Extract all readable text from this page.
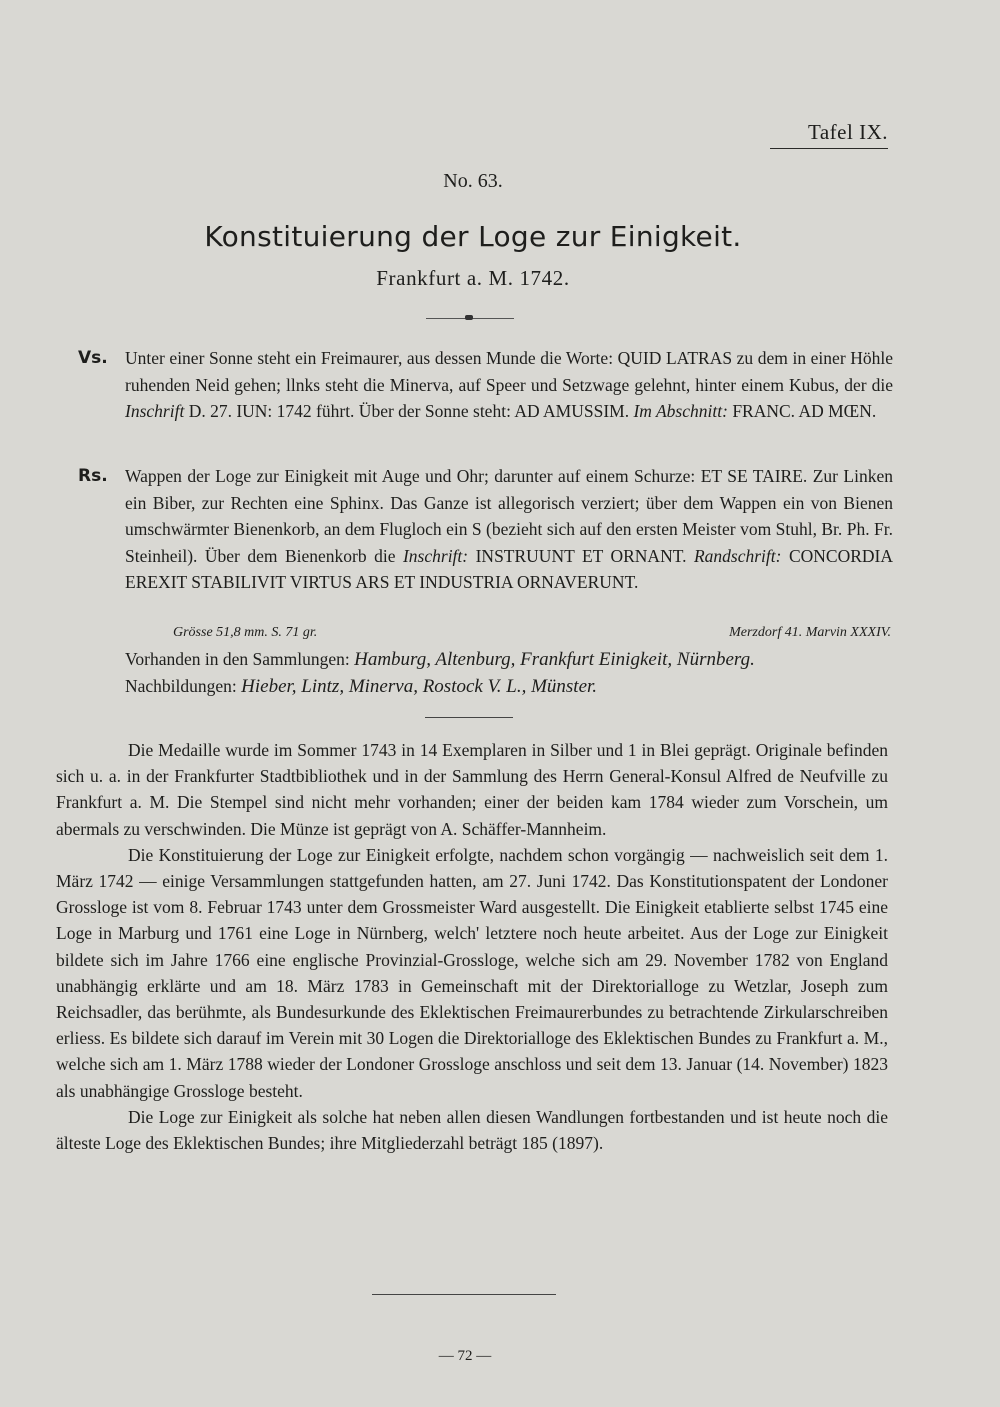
Tafel IX.
No. 63.
Konstituierung der Loge zur Einigkeit.
Frankfurt a. M. 1742.
Vs. Unter einer Sonne steht ein Freimaurer, aus dessen Munde die Worte: QUID LATRAS zu dem in einer Höhle ruhenden Neid gehen; llnks steht die Minerva, auf Speer und Setzwage gelehnt, hinter einem Kubus, der die Inschrift D. 27. IUN: 1742 führt. Über der Sonne steht: AD AMUSSIM. Im Abschnitt: FRANC. AD MŒN.
Rs. Wappen der Loge zur Einigkeit mit Auge und Ohr; darunter auf einem Schurze: ET SE TAIRE. Zur Linken ein Biber, zur Rechten eine Sphinx. Das Ganze ist allegorisch verziert; über dem Wappen ein von Bienen umschwärmter Bienenkorb, an dem Flugloch ein S (bezieht sich auf den ersten Meister vom Stuhl, Br. Ph. Fr. Steinheil). Über dem Bienenkorb die Inschrift: INSTRUUNT ET ORNANT. Randschrift: CONCORDIA EREXIT STABILIVIT VIRTUS ARS ET INDUSTRIA ORNAVERUNT.
Grösse 51,8 mm. S. 71 gr.	Merzdorf 41. Marvin XXXIV.
Vorhanden in den Sammlungen: Hamburg, Altenburg, Frankfurt Einigkeit, Nürnberg.
Nachbildungen: Hieber, Lintz, Minerva, Rostock V. L., Münster.

Die Medaille wurde im Sommer 1743 in 14 Exemplaren in Silber und 1 in Blei geprägt. Originale befinden sich u. a. in der Frankfurter Stadtbibliothek und in der Sammlung des Herrn General-Konsul Alfred de Neufville zu Frankfurt a. M. Die Stempel sind nicht mehr vorhanden; einer der beiden kam 1784 wieder zum Vorschein, um abermals zu verschwinden. Die Münze ist geprägt von A. Schäffer-Mannheim.

Die Konstituierung der Loge zur Einigkeit erfolgte, nachdem schon vorgängig — nachweislich seit dem 1. März 1742 — einige Versammlungen stattgefunden hatten, am 27. Juni 1742. Das Konstitutionspatent der Londoner Grossloge ist vom 8. Februar 1743 unter dem Grossmeister Ward ausgestellt. Die Einigkeit etablierte selbst 1745 eine Loge in Marburg und 1761 eine Loge in Nürnberg, welch' letztere noch heute arbeitet. Aus der Loge zur Einigkeit bildete sich im Jahre 1766 eine englische Provinzial-Grossloge, welche sich am 29. November 1782 von England unabhängig erklärte und am 18. März 1783 in Gemeinschaft mit der Direktorialloge zu Wetzlar, Joseph zum Reichsadler, das berühmte, als Bundesurkunde des Eklektischen Freimaurerbundes zu betrachtende Zirkularschreiben erliess. Es bildete sich darauf im Verein mit 30 Logen die Direktorialloge des Eklektischen Bundes zu Frankfurt a. M., welche sich am 1. März 1788 wieder der Londoner Grossloge anschloss und seit dem 13. Januar (14. November) 1823 als unabhängige Grossloge besteht.

Die Loge zur Einigkeit als solche hat neben allen diesen Wandlungen fortbestanden und ist heute noch die älteste Loge des Eklektischen Bundes; ihre Mitgliederzahl beträgt 185 (1897).

— 72 —
